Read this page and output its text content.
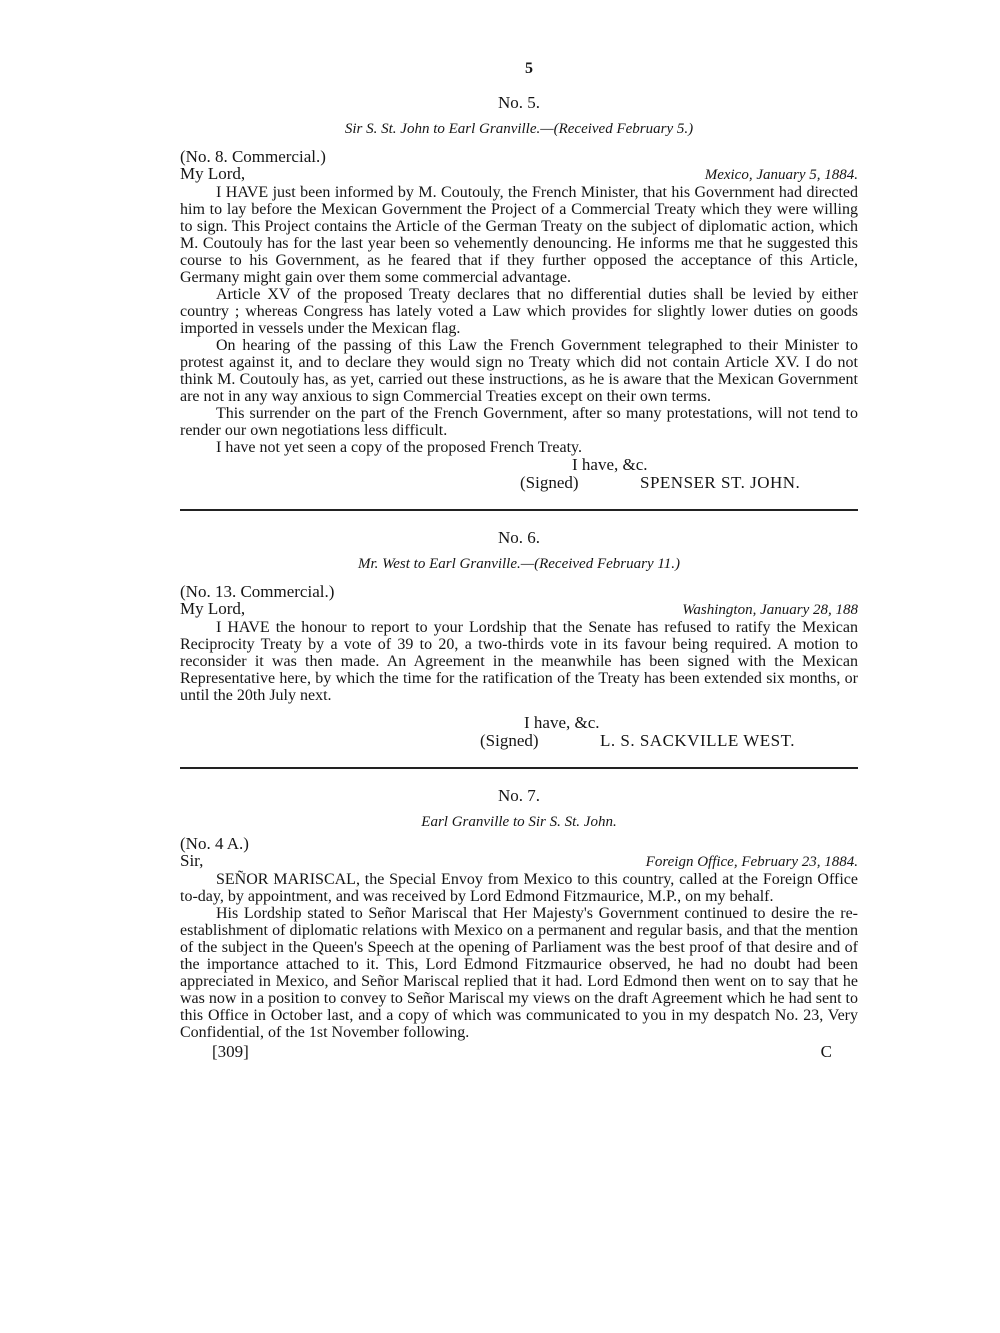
5
No. 5.
Sir S. St. John to Earl Granville.—(Received February 5.)

(No. 8. Commercial.)

My Lord,	Mexico, January 5, 1884.

I HAVE just been informed by M. Coutouly, the French Minister, that his Government had directed him to lay before the Mexican Government the Project of a Commercial Treaty which they were willing to sign. This Project contains the Article of the German Treaty on the subject of diplomatic action, which M. Coutouly has for the last year been so vehemently denouncing. He informs me that he suggested this course to his Government, as he feared that if they further opposed the acceptance of this Article, Germany might gain over them some commercial advantage.

Article XV of the proposed Treaty declares that no differential duties shall be levied by either country ; whereas Congress has lately voted a Law which provides for slightly lower duties on goods imported in vessels under the Mexican flag.

On hearing of the passing of this Law the French Government telegraphed to their Minister to protest against it, and to declare they would sign no Treaty which did not contain Article XV. I do not think M. Coutouly has, as yet, carried out these instructions, as he is aware that the Mexican Government are not in any way anxious to sign Commercial Treaties except on their own terms.

This surrender on the part of the French Government, after so many protestations, will not tend to render our own negotiations less difficult.

I have not yet seen a copy of the proposed French Treaty.

I have, &c.
(Signed)	SPENSER ST. JOHN.
No. 6.
Mr. West to Earl Granville.—(Received February 11.)

(No. 13. Commercial.)

My Lord,	Washington, January 28, 188

I HAVE the honour to report to your Lordship that the Senate has refused to ratify the Mexican Reciprocity Treaty by a vote of 39 to 20, a two-thirds vote in its favour being required. A motion to reconsider it was then made. An Agreement in the meanwhile has been signed with the Mexican Representative here, by which the time for the ratification of the Treaty has been extended six months, or until the 20th July next.

I have, &c.
(Signed)	L. S. SACKVILLE WEST.
No. 7.
Earl Granville to Sir S. St. John.

(No. 4 A.)

Sir,	Foreign Office, February 23, 1884.

SEÑOR MARISCAL, the Special Envoy from Mexico to this country, called at the Foreign Office to-day, by appointment, and was received by Lord Edmond Fitzmaurice, M.P., on my behalf.

His Lordship stated to Señor Mariscal that Her Majesty's Government continued to desire the re-establishment of diplomatic relations with Mexico on a permanent and regular basis, and that the mention of the subject in the Queen's Speech at the opening of Parliament was the best proof of that desire and of the importance attached to it. This, Lord Edmond Fitzmaurice observed, he had no doubt had been appreciated in Mexico, and Señor Mariscal replied that it had. Lord Edmond then went on to say that he was now in a position to convey to Señor Mariscal my views on the draft Agreement which he had sent to this Office in October last, and a copy of which was communicated to you in my despatch No. 23, Very Confidential, of the 1st November following.

[309]	C
